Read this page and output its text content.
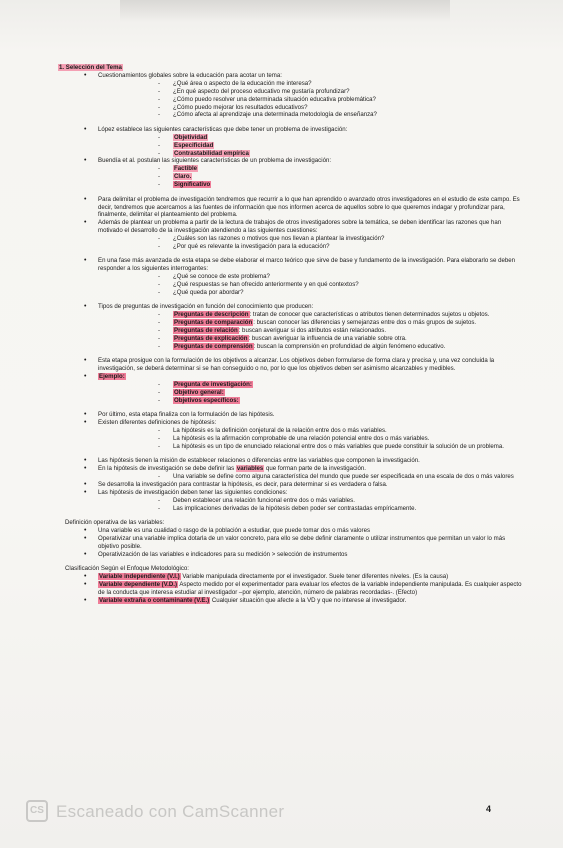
1. Selección del Tema
• Cuestionamientos globales sobre la educación para acotar un tema:
- ¿Qué área o aspecto de la educación me interesa?
- ¿En qué aspecto del proceso educativo me gustaría profundizar?
- ¿Cómo puedo resolver una determinada situación educativa problemática?
- ¿Cómo puedo mejorar los resultados educativos?
- ¿Cómo afecta al aprendizaje una determinada metodología de enseñanza?
• López establece las siguientes características que debe tener un problema de investigación:
- Objetividad
- Especificidad
- Contrastabilidad empírica
• Buendía et al. postulan las siguientes características de un problema de investigación:
- Factible
- Claro.
- Significativo
• Para delimitar el problema de investigación tendremos que recurrir a lo que han aprendido o avanzado otros investigadores en el estudio de este campo. Es decir, tendremos que acercarnos a las fuentes de información que nos informen acerca de aquellos sobre lo que queremos indagar y profundizar para, finalmente, delimitar el planteamiento del problema.
• Además de plantear un problema a partir de la lectura de trabajos de otros investigadores sobre la temática, se deben identificar las razones que han motivado el desarrollo de la investigación atendiendo a las siguientes cuestiones:
- ¿Cuáles son las razones o motivos que nos llevan a plantear la investigación?
- ¿Por qué es relevante la investigación para la educación?
• En una fase más avanzada de esta etapa se debe elaborar el marco teórico que sirve de base y fundamento de la investigación. Para elaborarlo se deben responder a los siguientes interrogantes:
- ¿Qué se conoce de este problema?
- ¿Qué respuestas se han ofrecido anteriormente y en qué contextos?
- ¿Qué queda por abordar?
• Tipos de preguntas de investigación en función del conocimiento que producen:
- Preguntas de descripción: tratan de conocer que características o atributos tienen determinados sujetos u objetos.
- Preguntas de comparación: buscan conocer las diferencias y semejanzas entre dos o más grupos de sujetos.
- Preguntas de relación: buscan averiguar si dos atributos están relacionados.
- Preguntas de explicación: buscan averiguar la influencia de una variable sobre otra.
- Preguntas de comprensión: buscan la comprensión en profundidad de algún fenómeno educativo.
• Esta etapa prosigue con la formulación de los objetivos a alcanzar. Los objetivos deben formularse de forma clara y precisa y, una vez concluida la investigación, se deberá determinar si se han conseguido o no, por lo que los objetivos deben ser asimismo alcanzables y medibles.
• Ejemplo:
- Pregunta de investigación:
- Objetivo general:
- Objetivos específicos:
• Por último, esta etapa finaliza con la formulación de las hipótesis.
• Existen diferentes definiciones de hipótesis:
- La hipótesis es la definición conjetural de la relación entre dos o más variables.
- La hipótesis es la afirmación comprobable de una relación potencial entre dos o más variables.
- La hipótesis es un tipo de enunciado relacional entre dos o más variables que puede constituir la solución de un problema.
• Las hipótesis tienen la misión de establecer relaciones o diferencias entre las variables que componen la investigación.
• En la hipótesis de investigación se debe definir las variables que forman parte de la investigación.
- Una variable se define como alguna característica del mundo que puede ser especificada en una escala de dos o más valores
• Se desarrolla la investigación para contrastar la hipótesis, es decir, para determinar si es verdadera o falsa.
• Las hipótesis de investigación deben tener las siguientes condiciones:
- Deben establecer una relación funcional entre dos o más variables.
- Las implicaciones derivadas de la hipótesis deben poder ser contrastadas empíricamente.
Definición operativa de las variables:
• Una variable es una cualidad o rasgo de la población a estudiar, que puede tomar dos o más valores
• Operativizar una variable implica dotarla de un valor concreto, para ello se debe definir claramente o utilizar instrumentos que permitan un valor lo más objetivo posible.
• Operativización de las variables e indicadores para su medición > selección de instrumentos
Clasificación Según el Enfoque Metodológico:
• Variable independiente (V.I.) Variable manipulada directamente por el investigador. Suele tener diferentes niveles. (Es la causa)
• Variable dependiente (V.D.) Aspecto medido por el experimentador para evaluar los efectos de la variable independiente manipulada. Es cualquier aspecto de la conducta que interesa estudiar al investigador –por ejemplo, atención, número de palabras recordadas-. (Efecto)
• Variable extraña o contaminante (V.E.) Cualquier situación que afecte a la VD y que no interese al investigador.
CS Escaneado con CamScanner	4
